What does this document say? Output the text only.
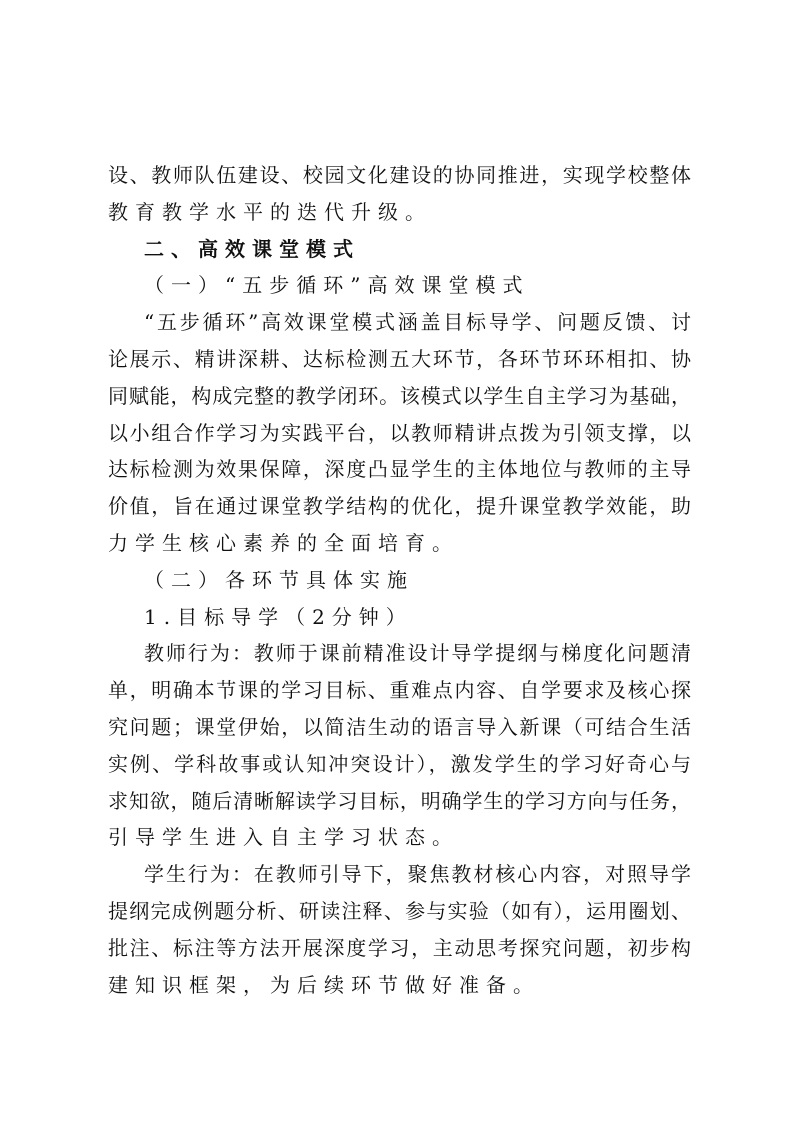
设、教师队伍建设、校园文化建设的协同推进，实现学校整体
教育教学水平的迭代升级。
二、高效课堂模式
（一）“五步循环”高效课堂模式
“五步循环”高效课堂模式涵盖目标导学、问题反馈、讨
论展示、精讲深耕、达标检测五大环节，各环节环环相扣、协
同赋能，构成完整的教学闭环。该模式以学生自主学习为基础，
以小组合作学习为实践平台，以教师精讲点拨为引领支撑，以
达标检测为效果保障，深度凸显学生的主体地位与教师的主导
价值，旨在通过课堂教学结构的优化，提升课堂教学效能，助
力学生核心素养的全面培育。
（二）各环节具体实施
1.目标导学（2分钟）
教师行为：教师于课前精准设计导学提纲与梯度化问题清
单，明确本节课的学习目标、重难点内容、自学要求及核心探
究问题；课堂伊始，以简洁生动的语言导入新课（可结合生活
实例、学科故事或认知冲突设计），激发学生的学习好奇心与
求知欲，随后清晰解读学习目标，明确学生的学习方向与任务，
引导学生进入自主学习状态。
学生行为：在教师引导下，聚焦教材核心内容，对照导学
提纲完成例题分析、研读注释、参与实验（如有），运用圈划、
批注、标注等方法开展深度学习，主动思考探究问题，初步构
建知识框架，为后续环节做好准备。
